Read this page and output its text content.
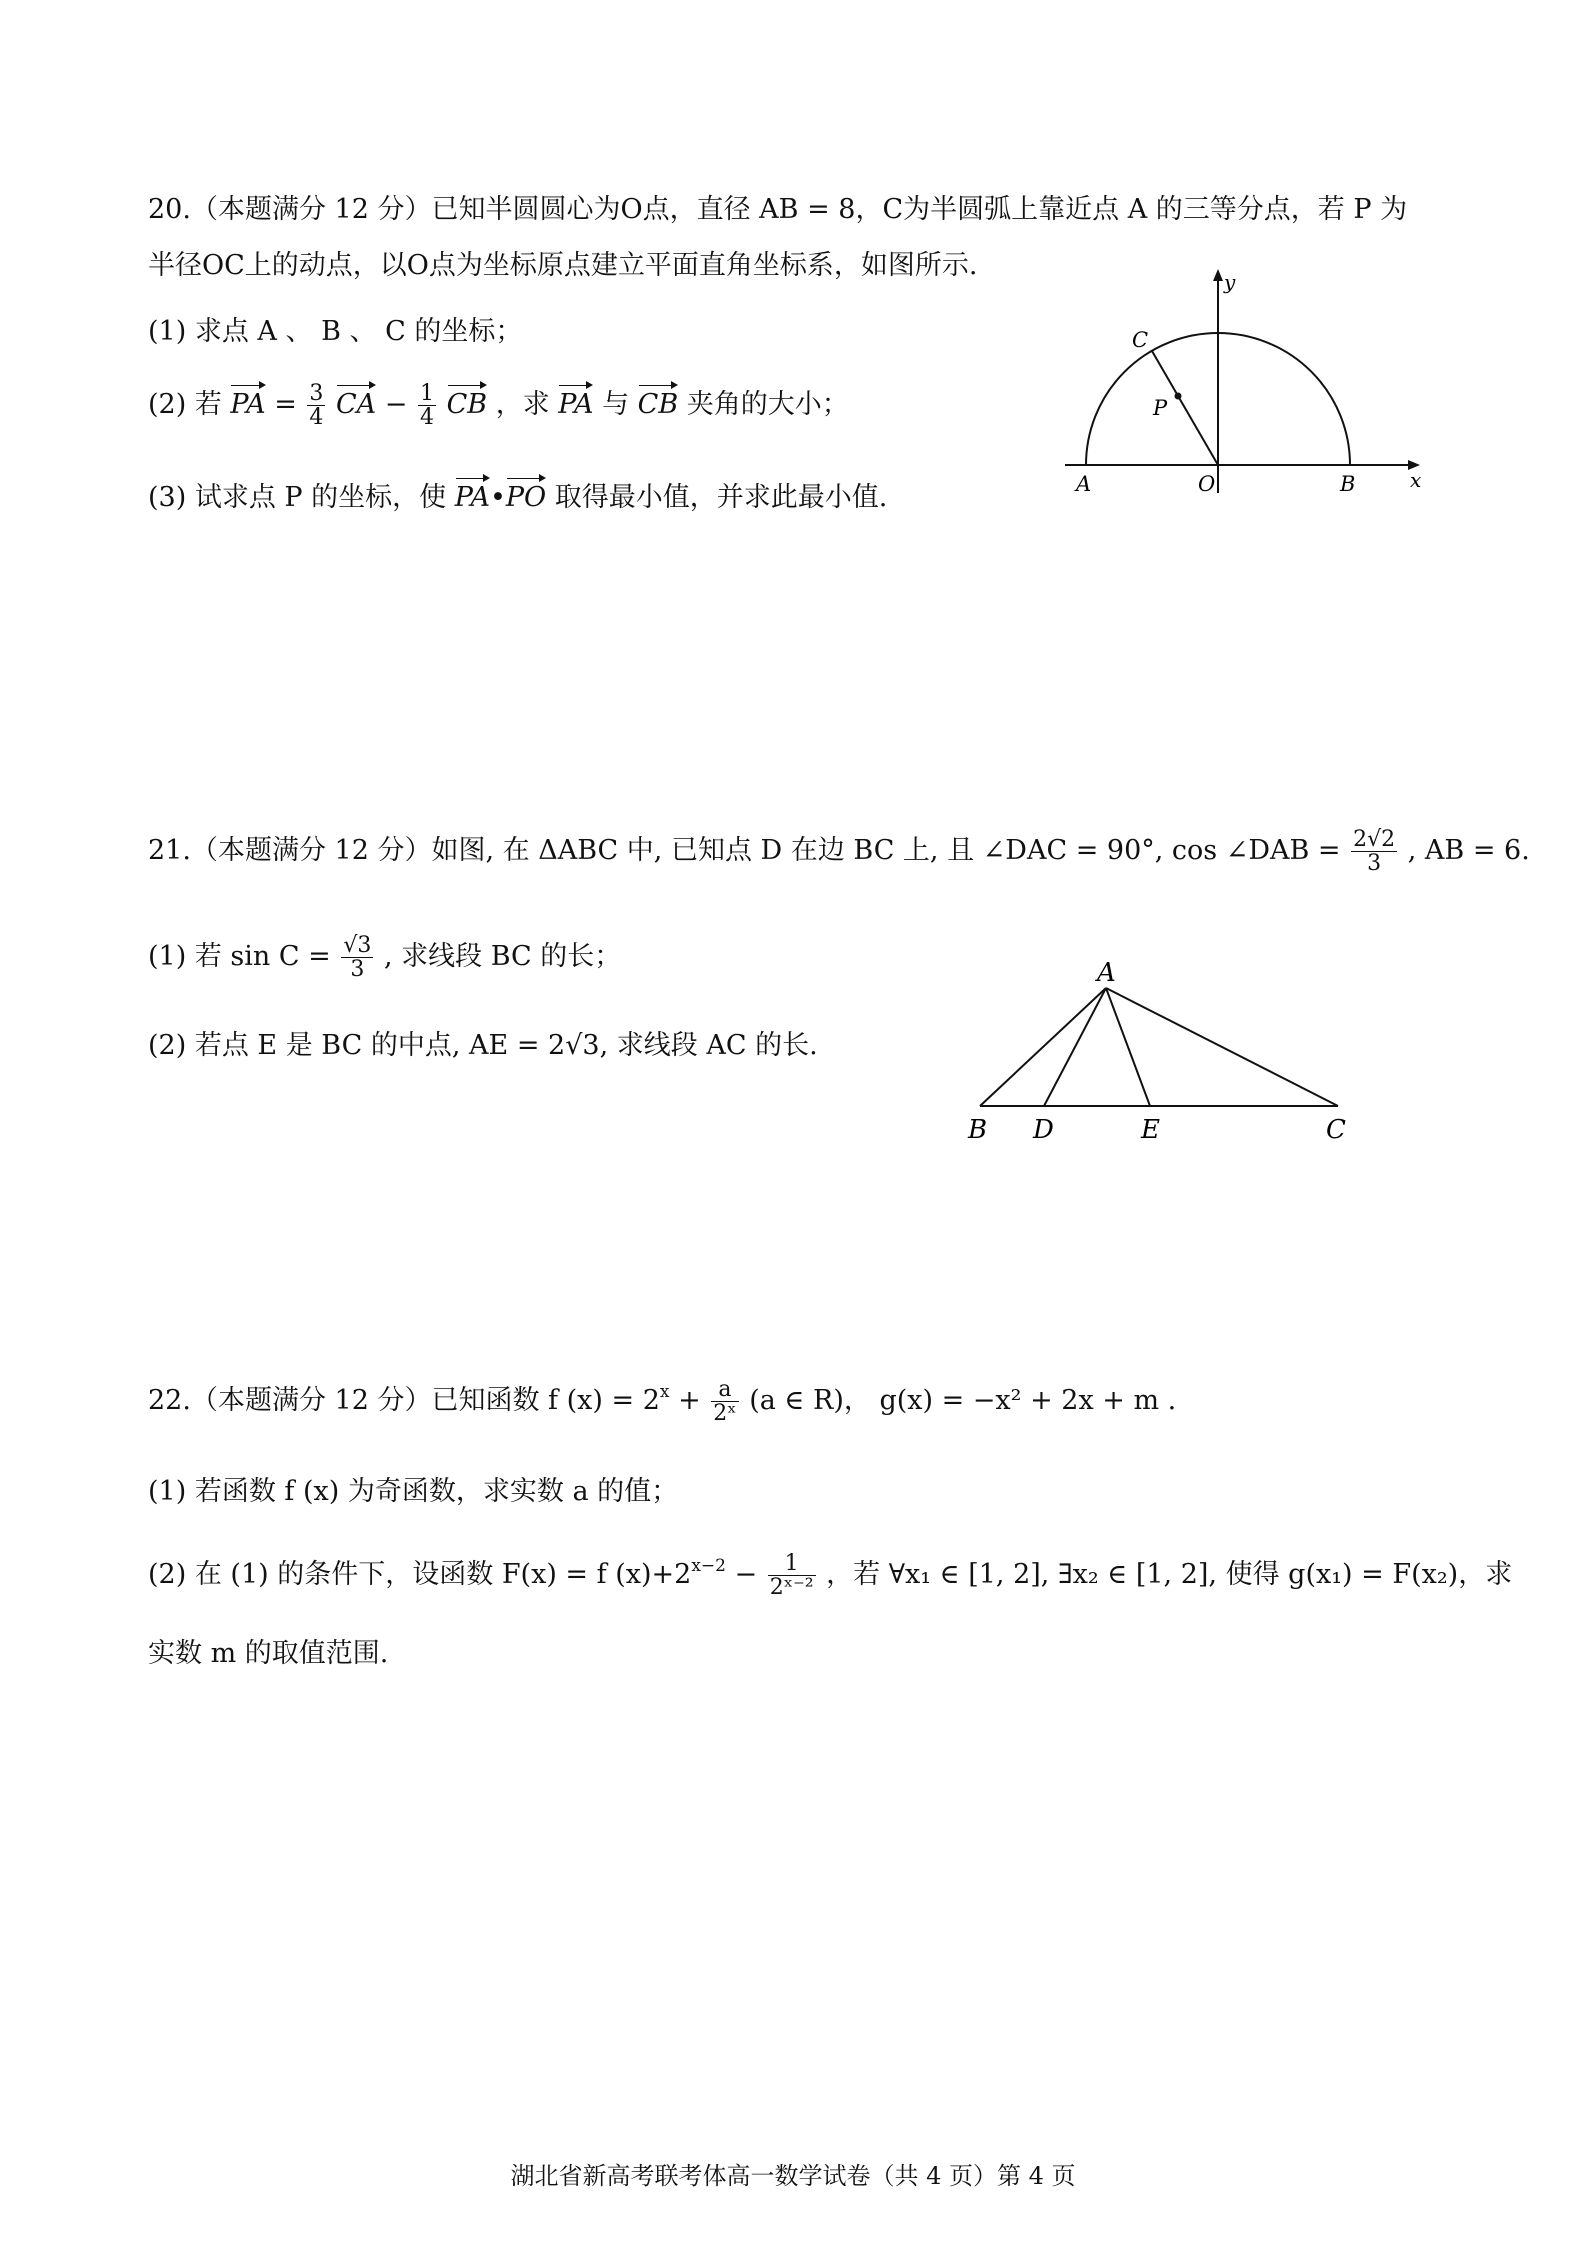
20.（本题满分 12 分）已知半圆圆心为O点，直径 AB = 8，C为半圆弧上靠近点 A 的三等分点，若 P 为
半径OC上的动点，以O点为坐标原点建立平面直角坐标系，如图所示.
(1) 求点 A 、 B 、 C 的坐标；
(2) 若 PA = $\frac{3}{4}$ CA − $\frac{1}{4}$ CB ，求 PA 与 CB 夹角的大小；
(3) 试求点 P 的坐标，使 PA•PO 取得最小值，并求此最小值.
y
x
C
P
A	O	B
21.（本题满分 12 分）如图, 在 ΔABC 中, 已知点 D 在边 BC 上, 且 ∠DAC = 90°, cos ∠DAB = $\frac{2√2}{3}$ , AB = 6.
(1) 若 $\sin C = \frac{√3}{3}$ , 求线段 BC 的长；
(2) 若点 E 是 BC 的中点, AE = 2√3, 求线段 AC 的长.
A
B D	E	C
22.（本题满分 12 分）已知函数 f $(x) = 2^x + \frac{a}{\text{2ˣ}} (a$ ∈ R)， g(x) = −x² + 2x + m .
(1) 若函数 f (x) 为奇函数，求实数 a 的值；
(2) 在 (1) 的条件下，设函数 F(x) = f $(x)+2^{x-2} - \frac{1}{\text{2ˣ⁻²}}$ ，若 ∀x₁ ∈ [1, 2], ∃x₂ ∈ [1, 2], 使得 g(x₁) = F(x₂)，求
实数 m 的取值范围.
湖北省新高考联考体高一数学试卷（共 4 页）第 4 页
